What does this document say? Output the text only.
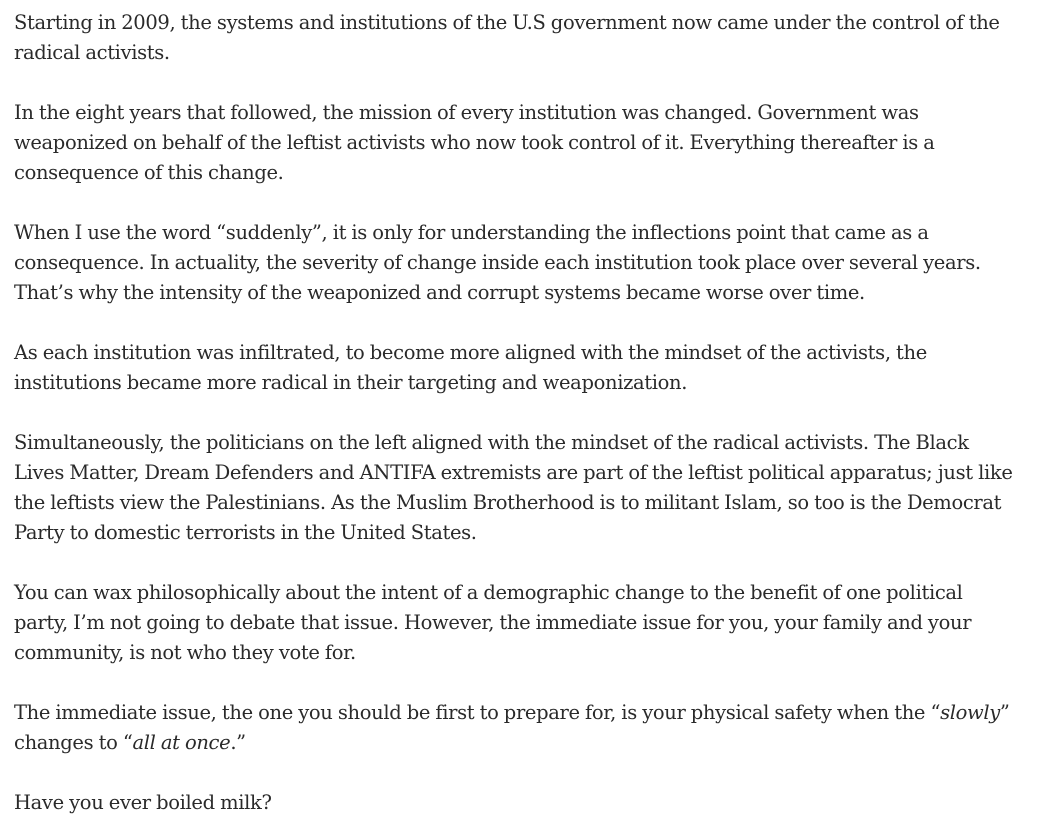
Starting in 2009, the systems and institutions of the U.S government now came under the control of the
radical activists.

In the eight years that followed, the mission of every institution was changed. Government was
weaponized on behalf of the leftist activists who now took control of it. Everything thereafter is a
consequence of this change.

When I use the word “suddenly”, it is only for understanding the inflections point that came as a
consequence. In actuality, the severity of change inside each institution took place over several years.
That’s why the intensity of the weaponized and corrupt systems became worse over time.

As each institution was infiltrated, to become more aligned with the mindset of the activists, the
institutions became more radical in their targeting and weaponization.

Simultaneously, the politicians on the left aligned with the mindset of the radical activists. The Black
Lives Matter, Dream Defenders and ANTIFA extremists are part of the leftist political apparatus; just like
the leftists view the Palestinians. As the Muslim Brotherhood is to militant Islam, so too is the Democrat
Party to domestic terrorists in the United States.

You can wax philosophically about the intent of a demographic change to the benefit of one political
party, I’m not going to debate that issue. However, the immediate issue for you, your family and your
community, is not who they vote for.

The immediate issue, the one you should be first to prepare for, is your physical safety when the “slowly”
changes to “all at once.”

Have you ever boiled milk?
